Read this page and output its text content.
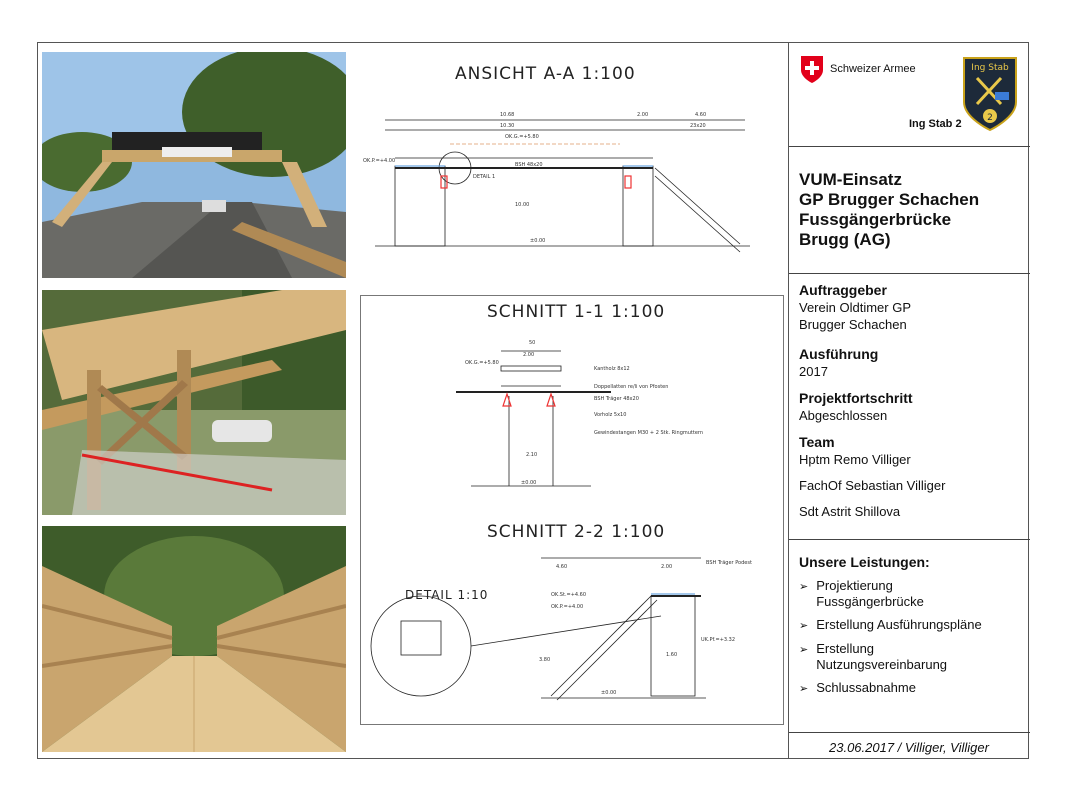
ANSICHT A-A 1:100
10.68
10.30
4.60
23x20
2.00
OK.G.=+5.80
OK.P.=+4.00
BSH 48x20
DETAIL 1
10.00
±0.00
SCHNITT 1-1 1:100
SCHNITT 2-2 1:100
50
2.00
OK.G.=+5.80
Kantholz 8x12
Doppellatten re/li von Pfosten
BSH Träger 48x20
Vorholz 5x10
Gewindestangen M30 + 2 Stk. Ringmuttern
2.10
±0.00
4.60	2.00
BSH Träger Podest
OK.St.=+4.60
OK.P.=+4.00
UK.Pf.=+3.32
3.80
1.60
±0.00
DETAIL 1:10
Schweizer Armee
Ing Stab 2
Ing Stab
2
VUM-Einsatz
GP Brugger Schachen
Fussgängerbrücke
Brugg (AG)
Auftraggeber
Verein Oldtimer GP
Brugger Schachen
Ausführung
2017
Projektfortschritt
Abgeschlossen
Team
Hptm Remo Villiger
FachOf Sebastian Villiger
Sdt Astrit Shillova
Unsere Leistungen:
➢ Projektierung
Fussgängerbrücke
➢ Erstellung Ausführungspläne
➢ Erstellung
Nutzungsvereinbarung
➢ Schlussabnahme
23.06.2017 / Villiger, Villiger
